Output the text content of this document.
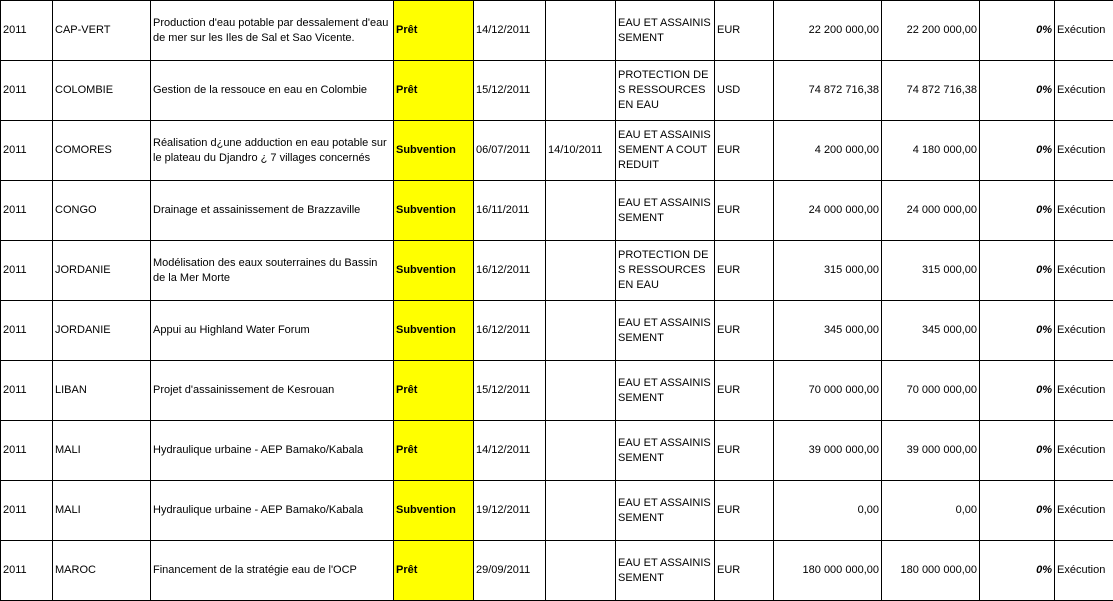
2011	CAP-VERT	Production d'eau potable par dessalement d'eau de mer sur les Iles de Sal et Sao Vicente.	Prêt	14/12/2011		EAU ET ASSAINISSEMENT	EUR	22 200 000,00	22 200 000,00	0%	Exécution

2011	COLOMBIE	Gestion de la ressouce en eau en Colombie	Prêt	15/12/2011		PROTECTION DES RESSOURCES EN EAU	USD	74 872 716,38	74 872 716,38	0%	Exécution

2011	COMORES	Réalisation d¿une adduction en eau potable sur le plateau du Djandro ¿ 7 villages concernés	Subvention	06/07/2011	14/10/2011	EAU ET ASSAINISSEMENT A COUT REDUIT	EUR	4 200 000,00	4 180 000,00	0%	Exécution

2011	CONGO	Drainage et assainissement de Brazzaville	Subvention	16/11/2011		EAU ET ASSAINISSEMENT	EUR	24 000 000,00	24 000 000,00	0%	Exécution

2011	JORDANIE	Modélisation des eaux souterraines du Bassin de la Mer Morte	Subvention	16/12/2011		PROTECTION DES RESSOURCES EN EAU	EUR	315 000,00	315 000,00	0%	Exécution

2011	JORDANIE	Appui au Highland Water Forum	Subvention	16/12/2011		EAU ET ASSAINISSEMENT	EUR	345 000,00	345 000,00	0%	Exécution

2011	LIBAN	Projet d'assainissement de Kesrouan	Prêt	15/12/2011		EAU ET ASSAINISSEMENT	EUR	70 000 000,00	70 000 000,00	0%	Exécution

2011	MALI	Hydraulique urbaine - AEP Bamako/Kabala	Prêt	14/12/2011		EAU ET ASSAINISSEMENT	EUR	39 000 000,00	39 000 000,00	0%	Exécution

2011	MALI	Hydraulique urbaine - AEP Bamako/Kabala	Subvention	19/12/2011		EAU ET ASSAINISSEMENT	EUR	0,00	0,00	0%	Exécution

2011	MAROC	Financement de la stratégie eau de l'OCP	Prêt	29/09/2011		EAU ET ASSAINISSEMENT	EUR	180 000 000,00	180 000 000,00	0%	Exécution
